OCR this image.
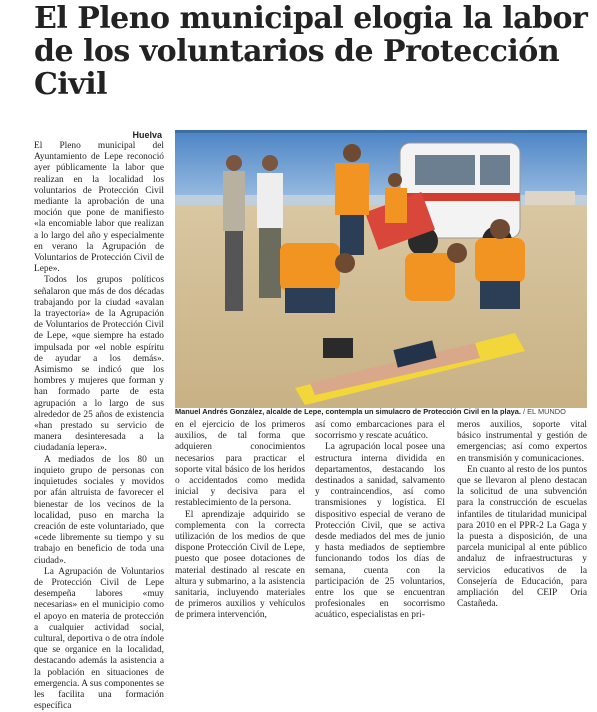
El Pleno municipal elogia la labor de los voluntarios de Protección Civil
Huelva

El Pleno municipal del Ayuntamiento de Lepe reconoció ayer públicamente la labor que realizan en la localidad los voluntarios de Protección Civil mediante la aprobación de una moción que pone de manifiesto «la encomiable labor que realizan a lo largo del año y especialmente en verano la Agrupación de Voluntarios de Protección Civil de Lepe».

Todos los grupos políticos señalaron que más de dos décadas trabajando por la ciudad «avalan la trayectoria» de la Agrupación de Voluntarios de Protección Civil de Lepe, «que siempre ha estado impulsada por «el noble espíritu de ayudar a los demás». Asimismo se indicó que los hombres y mujeres que forman y han formado parte de esta agrupación a lo largo de sus alrededor de 25 años de existencia «han prestado su servicio de manera desinteresada a la ciudadanía lepera».

A mediados de los 80 un inquieto grupo de personas con inquietudes sociales y movidos por afán altruista de favorecer el bienestar de los vecinos de la localidad, puso en marcha la creación de este voluntariado, que «cede libremente su tiempo y su trabajo en beneficio de toda una ciudad».

La Agrupación de Voluntarios de Protección Civil de Lepe desempeña labores «muy necesarias» en el municipio como el apoyo en materia de protección a cualquier actividad social, cultural, deportiva o de otra índole que se organice en la localidad, destacando además la asistencia a la población en situaciones de emergencia. A sus componentes se les facilita una formación específica

Manuel Andrés González, alcalde de Lepe, contempla un simulacro de Protección Civil en la playa. / EL MUNDO

en el ejercicio de los primeros auxilios, de tal forma que adquieren conocimientos necesarios para practicar el soporte vital básico de los heridos o accidentados como medida inicial y decisiva para el restablecimiento de la persona.

El aprendizaje adquirido se complementa con la correcta utilización de los medios de que dispone Protección Civil de Lepe, puesto que posee dotaciones de material destinado al rescate en altura y submarino, a la asistencia sanitaria, incluyendo materiales de primeros auxilios y vehículos de primera intervención,

así como embarcaciones para el socorrismo y rescate acuático.

La agrupación local posee una estructura interna dividida en departamentos, destacando los destinados a sanidad, salvamento y contraincendios, así como transmisiones y logística. El dispositivo especial de verano de Protección Civil, que se activa desde mediados del mes de junio y hasta mediados de septiembre funcionando todos los días de semana, cuenta con la participación de 25 voluntarios, entre los que se encuentran profesionales en socorrismo acuático, especialistas en pri-

meros auxilios, soporte vital básico instrumental y gestión de emergencias; así como expertos en transmisión y comunicaciones.

En cuanto al resto de los puntos que se llevaron al pleno destacan la solicitud de una subvención para la construcción de escuelas infantiles de titularidad municipal para 2010 en el PPR-2 La Gaga y la puesta a disposición, de una parcela municipal al ente público andaluz de infraestructuras y servicios educativos de la Consejería de Educación, para ampliación del CEIP Oria Castañeda.
